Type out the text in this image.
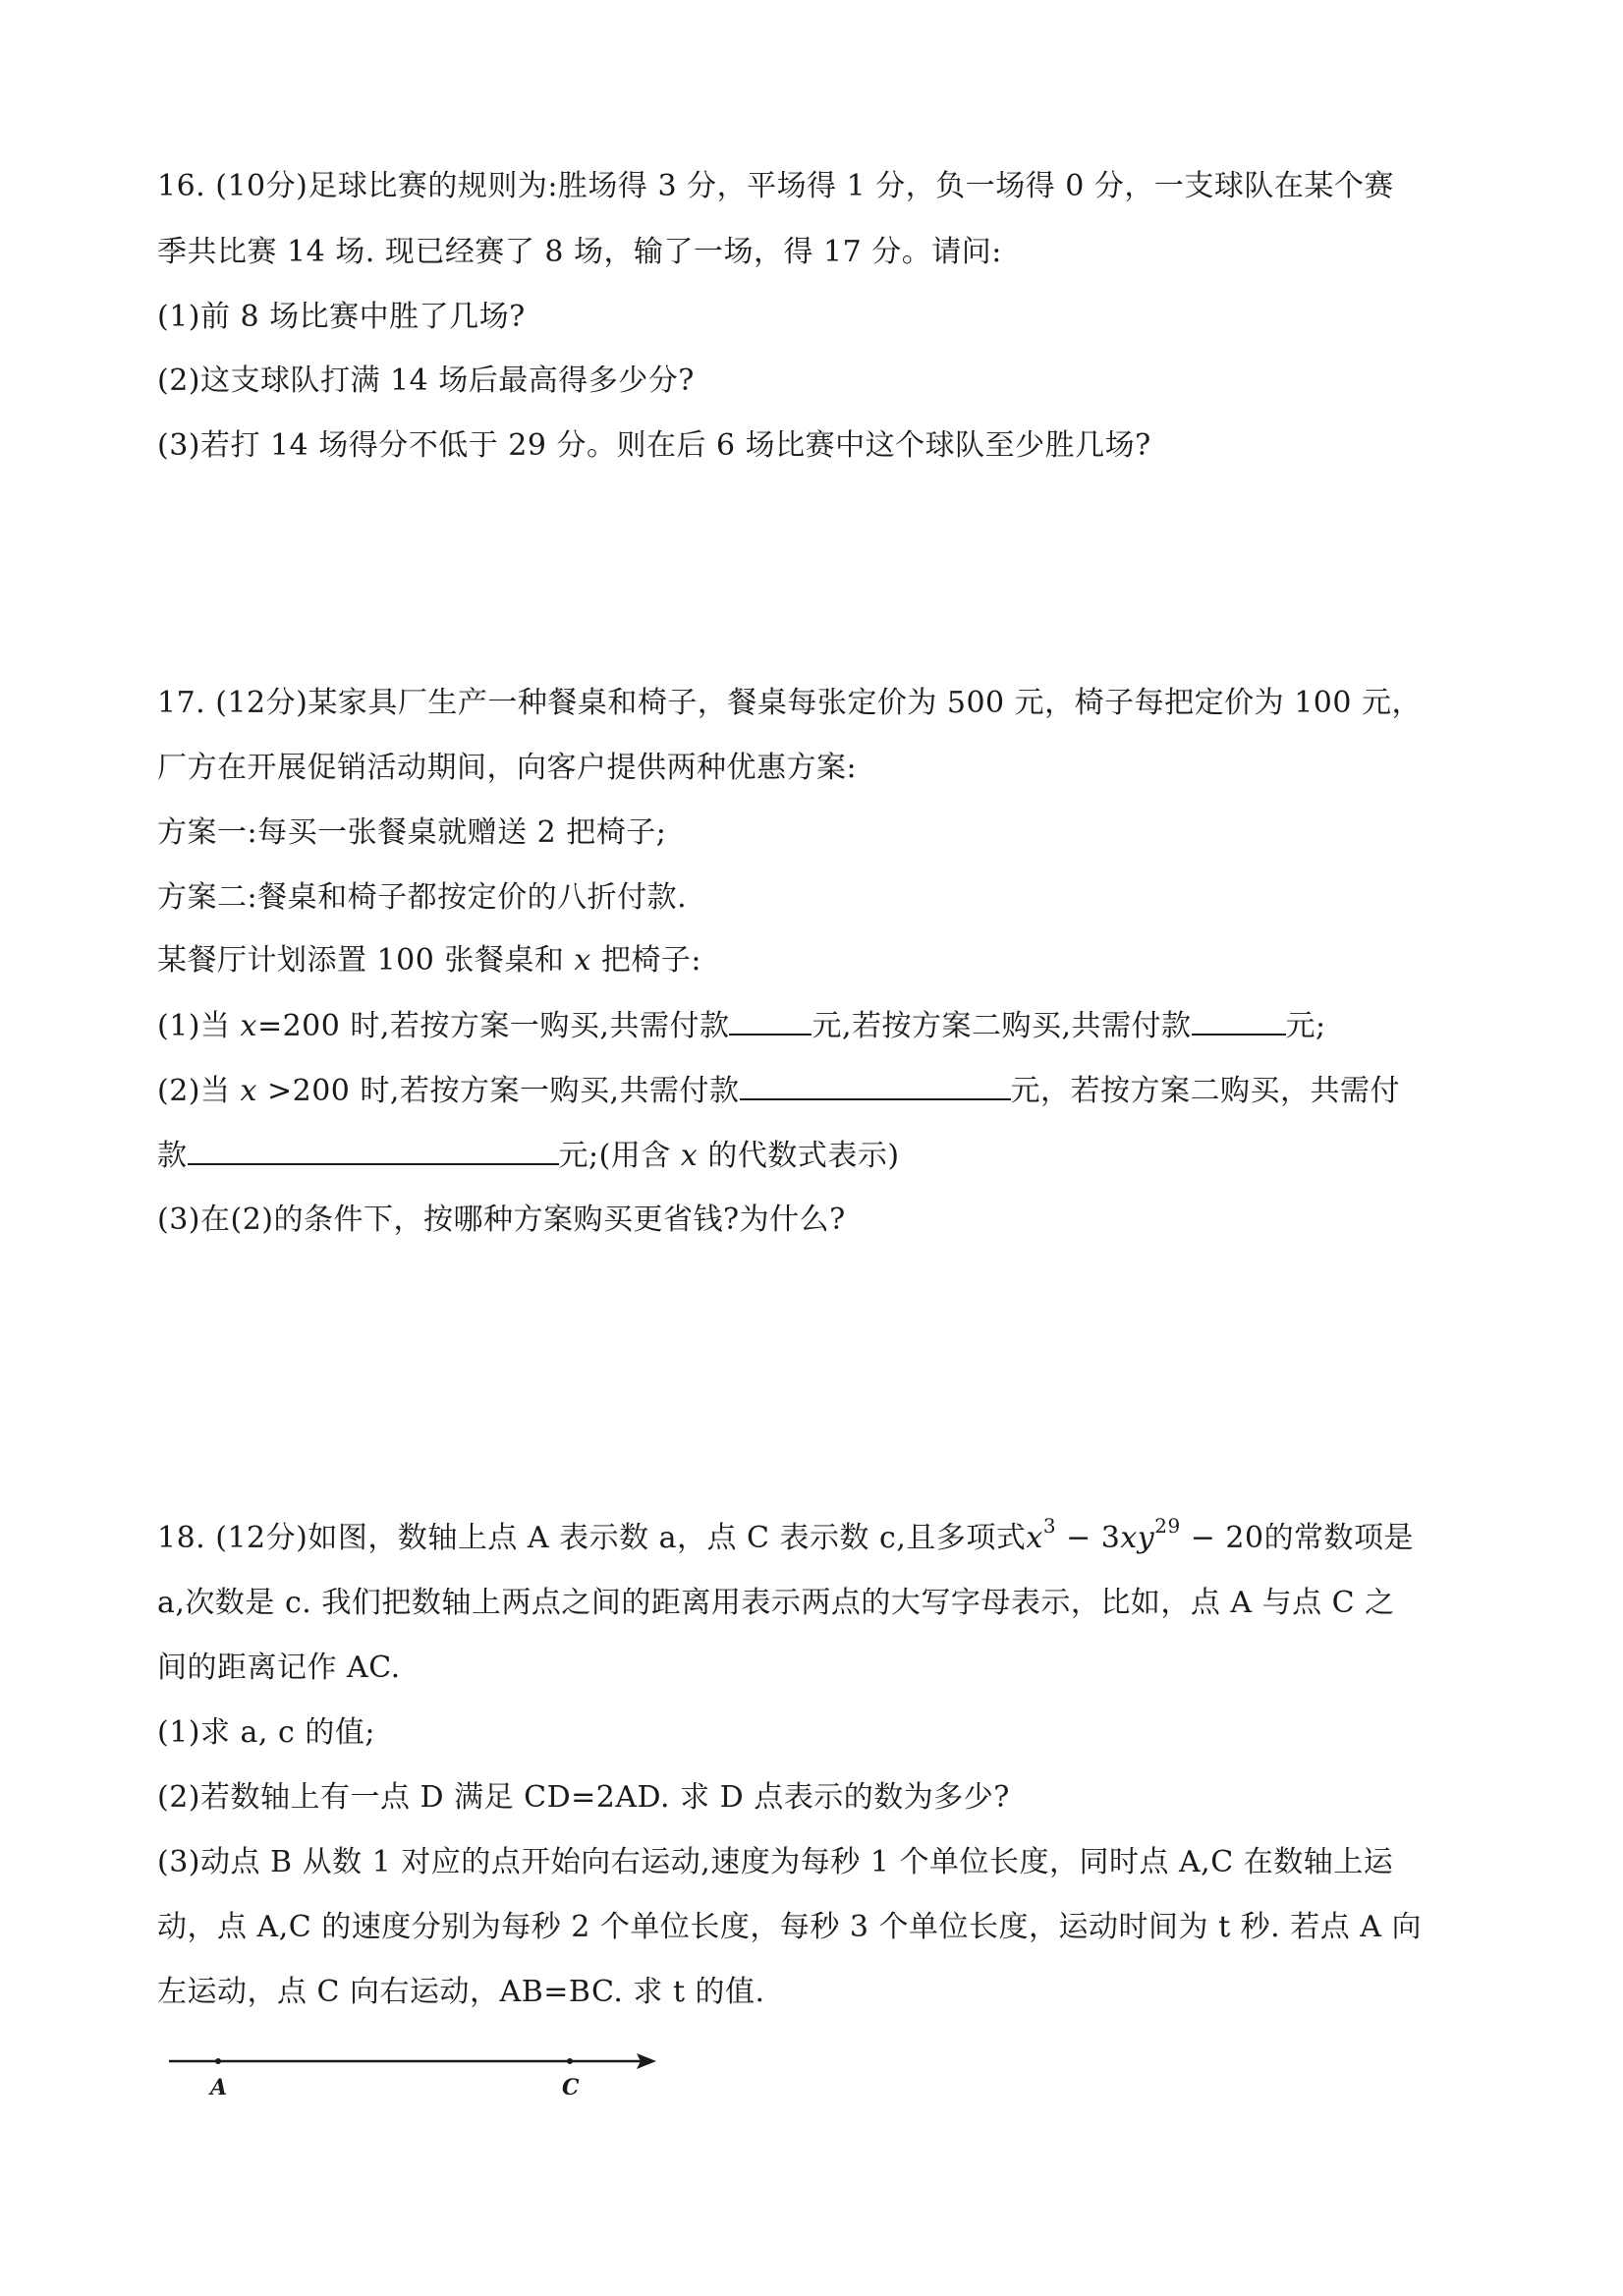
16. (10分)足球比赛的规则为:胜场得 3 分，平场得 1 分，负一场得 0 分，一支球队在某个赛
季共比赛 14 场. 现已经赛了 8 场，输了一场，得 17 分。请问:
(1)前 8 场比赛中胜了几场?
(2)这支球队打满 14 场后最高得多少分?
(3)若打 14 场得分不低于 29 分。则在后 6 场比赛中这个球队至少胜几场?
17. (12分)某家具厂生产一种餐桌和椅子，餐桌每张定价为 500 元，椅子每把定价为 100 元，
厂方在开展促销活动期间，向客户提供两种优惠方案:
方案一:每买一张餐桌就赠送 2 把椅子;
方案二:餐桌和椅子都按定价的八折付款.
某餐厅计划添置 100 张餐桌和 x 把椅子:
(1)当 x=200 时,若按方案一购买,共需付款	元,若按方案二购买,共需付款	元;
(2)当 x >200 时,若按方案一购买,共需付款	元，若按方案二购买，共需付
款	元;(用含 x 的代数式表示)
(3)在(2)的条件下，按哪种方案购买更省钱?为什么?
18. (12分)如图，数轴上点 A 表示数 a，点 C 表示数 c,且多项式$x^3 - 3xy^{29} - 20$的常数项是
a,次数是 c. 我们把数轴上两点之间的距离用表示两点的大写字母表示，比如，点 A 与点 C 之
间的距离记作 AC.
(1)求 a, c 的值;
(2)若数轴上有一点 D 满足 CD=2AD. 求 D 点表示的数为多少?
(3)动点 B 从数 1 对应的点开始向右运动,速度为每秒 1 个单位长度，同时点 A,C 在数轴上运
动，点 A,C 的速度分别为每秒 2 个单位长度，每秒 3 个单位长度，运动时间为 t 秒. 若点 A 向
左运动，点 C 向右运动，AB=BC. 求 t 的值.
A	C
